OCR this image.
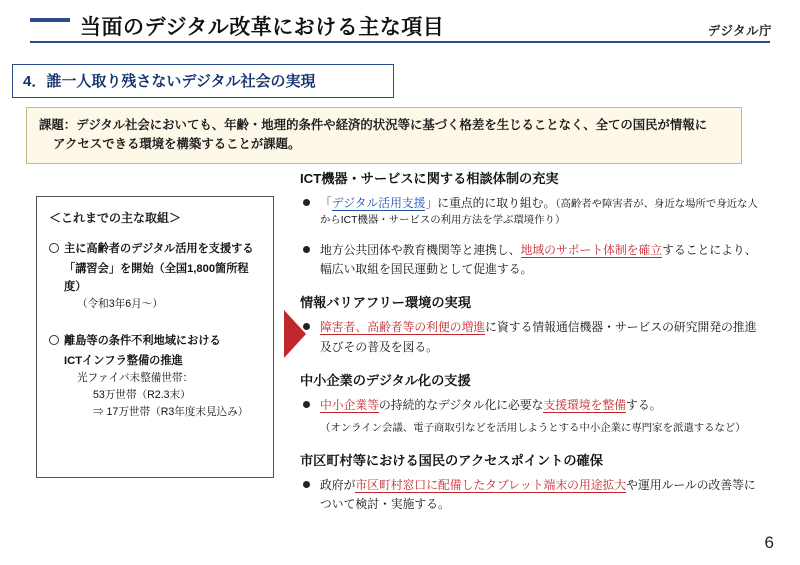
当面のデジタル改革における主な項目	デジタル庁
4．誰一人取り残さないデジタル社会の実現
課題：デジタル社会においても、年齢・地理的条件や経済的状況等に基づく格差を生じることなく、全ての国民が情報に
アクセスできる環境を構築することが課題。
＜これまでの主な取組＞
主に高齢者のデジタル活用を支援する
「講習会」を開始（全国1,800箇所程度）
（令和3年6月～）
離島等の条件不利地域における
ICTインフラ整備の推進
光ファイバ未整備世帯：
53万世帯（R2.3末）
⇒ 17万世帯（R3年度末見込み）
ICT機器・サービスに関する相談体制の充実
「デジタル活用支援」に重点的に取り組む。（高齢者や障害者が、身近な場所で身近な人
からICT機器・サービスの利用方法を学ぶ環境作り）
地方公共団体や教育機関等と連携し、地域のサポート体制を確立することにより、
幅広い取組を国民運動として促進する。
情報バリアフリー環境の実現
障害者、高齢者等の利便の増進に資する情報通信機器・サービスの研究開発の推進
及びその普及を図る。
中小企業のデジタル化の支援
中小企業等の持続的なデジタル化に必要な支援環境を整備する。
（オンライン会議、電子商取引などを活用しようとする中小企業に専門家を派遣するなど）
市区町村等における国民のアクセスポイントの確保
政府が市区町村窓口に配備したタブレット端末の用途拡大や運用ルールの改善等に
ついて検討・実施する。
6
